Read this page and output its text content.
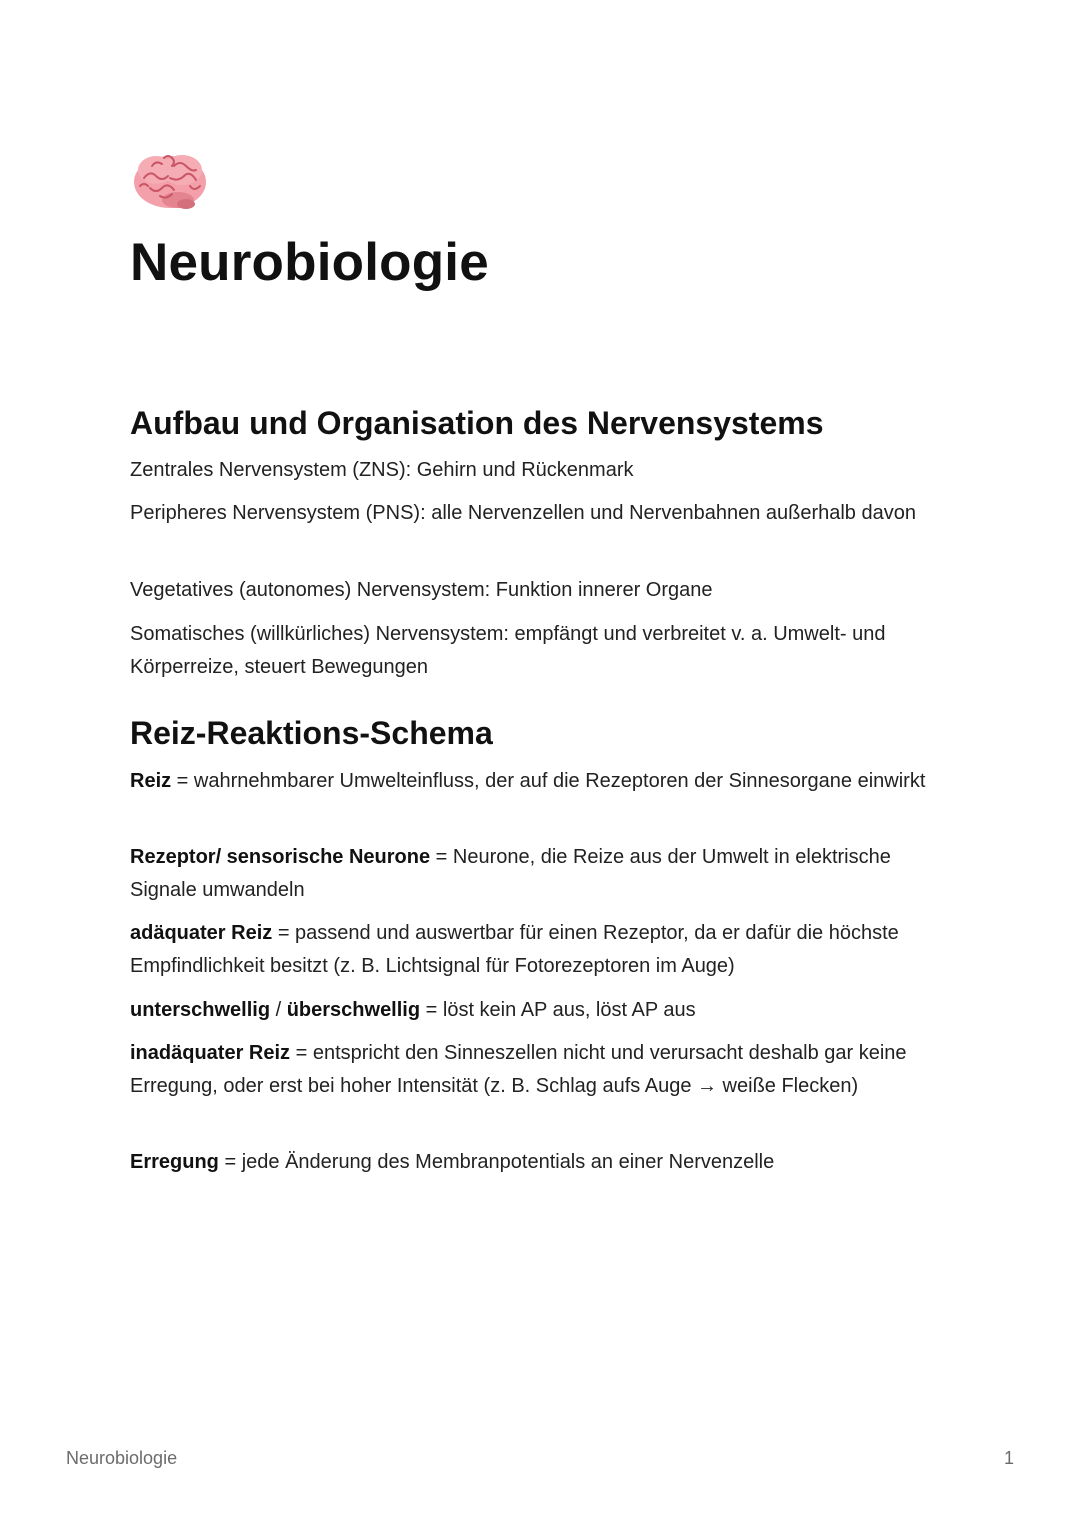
Neurobiologie
Aufbau und Organisation des Nervensystems

Zentrales Nervensystem (ZNS): Gehirn und Rückenmark

Peripheres Nervensystem (PNS): alle Nervenzellen und Nervenbahnen außerhalb davon

Vegetatives (autonomes) Nervensystem: Funktion innerer Organe

Somatisches (willkürliches) Nervensystem: empfängt und verbreitet v. a. Umwelt- und Körperreize, steuert Bewegungen

Reiz-Reaktions-Schema

Reiz = wahrnehmbarer Umwelteinfluss, der auf die Rezeptoren der Sinnesorgane einwirkt

Rezeptor/ sensorische Neurone = Neurone, die Reize aus der Umwelt in elektrische Signale umwandeln

adäquater Reiz = passend und auswertbar für einen Rezeptor, da er dafür die höchste Empfindlichkeit besitzt (z. B. Lichtsignal für Fotorezeptoren im Auge)

unterschwellig / überschwellig = löst kein AP aus, löst AP aus

inadäquater Reiz = entspricht den Sinneszellen nicht und verursacht deshalb gar keine Erregung, oder erst bei hoher Intensität (z. B. Schlag aufs Auge → weiße Flecken)

Erregung = jede Änderung des Membranpotentials an einer Nervenzelle

Neurobiologie	1
